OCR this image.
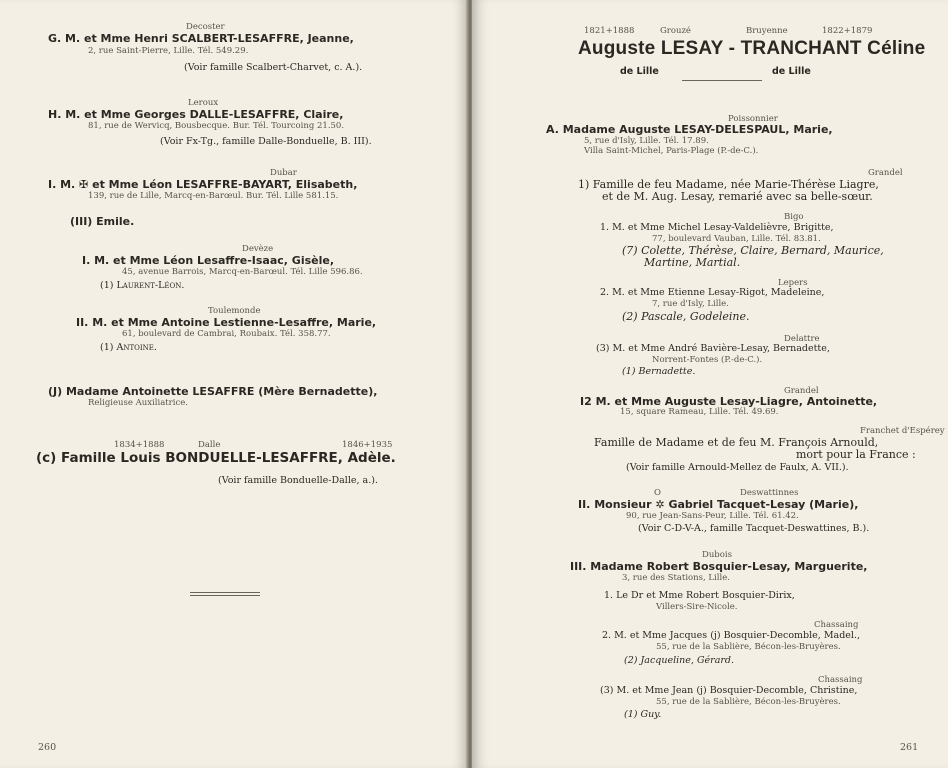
Decoster
G. M. et Mme Henri SCALBERT-LESAFFRE, Jeanne,
2, rue Saint-Pierre, Lille. Tél. 549.29.
(Voir famille Scalbert-Charvet, c. A.).
Leroux
H. M. et Mme Georges DALLE-LESAFFRE, Claire,
81, rue de Wervicq, Bousbecque. Bur. Tél. Tourcoing 21.50.
(Voir Fx-Tg., famille Dalle-Bonduelle, B. III).
Dubar
I. M. ✠ et Mme Léon LESAFFRE-BAYART, Elisabeth,
139, rue de Lille, Marcq-en-Barœul. Bur. Tél. Lille 581.15.
(III) Emile.
Devèze
I. M. et Mme Léon Lesaffre-Isaac, Gisèle,
45, avenue Barrois, Marcq-en-Barœul. Tél. Lille 596.86.
(1) Laurent-Léon.
Toulemonde
II. M. et Mme Antoine Lestienne-Lesaffre, Marie,
61, boulevard de Cambrai, Roubaix. Tél. 358.77.
(1) Antoine.
(J) Madame Antoinette LESAFFRE (Mère Bernadette),
Religieuse Auxiliatrice.
1834+1888	Dalle	1846+1935
(c) Famille Louis BONDUELLE-LESAFFRE, Adèle.
(Voir famille Bonduelle-Dalle, a.).
260
1821+1888	Grouzé	Bruyenne	1822+1879
Auguste LESAY - TRANCHANT Céline
de Lille	de Lille
Poissonnier
A. Madame Auguste LESAY-DELESPAUL, Marie,
5, rue d'Isly, Lille. Tél. 17.89.
Villa Saint-Michel, Paris-Plage (P.-de-C.).
Grandel
1) Famille de feu Madame, née Marie-Thérèse Liagre,
et de M. Aug. Lesay, remarié avec sa belle-sœur.
Bigo
1. M. et Mme Michel Lesay-Valdelièvre, Brigitte,
77, boulevard Vauban, Lille. Tél. 83.81.
(7) Colette, Thérèse, Claire, Bernard, Maurice,
Martine, Martial.
Lepers
2. M. et Mme Etienne Lesay-Rigot, Madeleine,
7, rue d'Isly, Lille.
(2) Pascale, Godeleine.
Delattre
(3) M. et Mme André Bavière-Lesay, Bernadette,
Norrent-Fontes (P.-de-C.).
(1) Bernadette.
Grandel
I2 M. et Mme Auguste Lesay-Liagre, Antoinette,
15, square Rameau, Lille. Tél. 49.69.
Franchet d'Espérey
Famille de Madame et de feu M. François Arnould,
mort pour la France :
(Voir famille Arnould-Mellez de Faulx, A. VII.).
O	Deswattinnes
II. Monsieur ✲ Gabriel Tacquet-Lesay (Marie),
90, rue Jean-Sans-Peur, Lille. Tél. 61.42.
(Voir C-D-V-A., famille Tacquet-Deswattines, B.).
Dubois
III. Madame Robert Bosquier-Lesay, Marguerite,
3, rue des Stations, Lille.
1. Le Dr et Mme Robert Bosquier-Dirix,
Villers-Sire-Nicole.
Chassaing
2. M. et Mme Jacques (j) Bosquier-Decomble, Madel.,
55, rue de la Sablière, Bécon-les-Bruyères.
(2) Jacqueline, Gérard.
Chassaing
(3) M. et Mme Jean (j) Bosquier-Decomble, Christine,
55, rue de la Sablière, Bécon-les-Bruyères.
(1) Guy.
261
